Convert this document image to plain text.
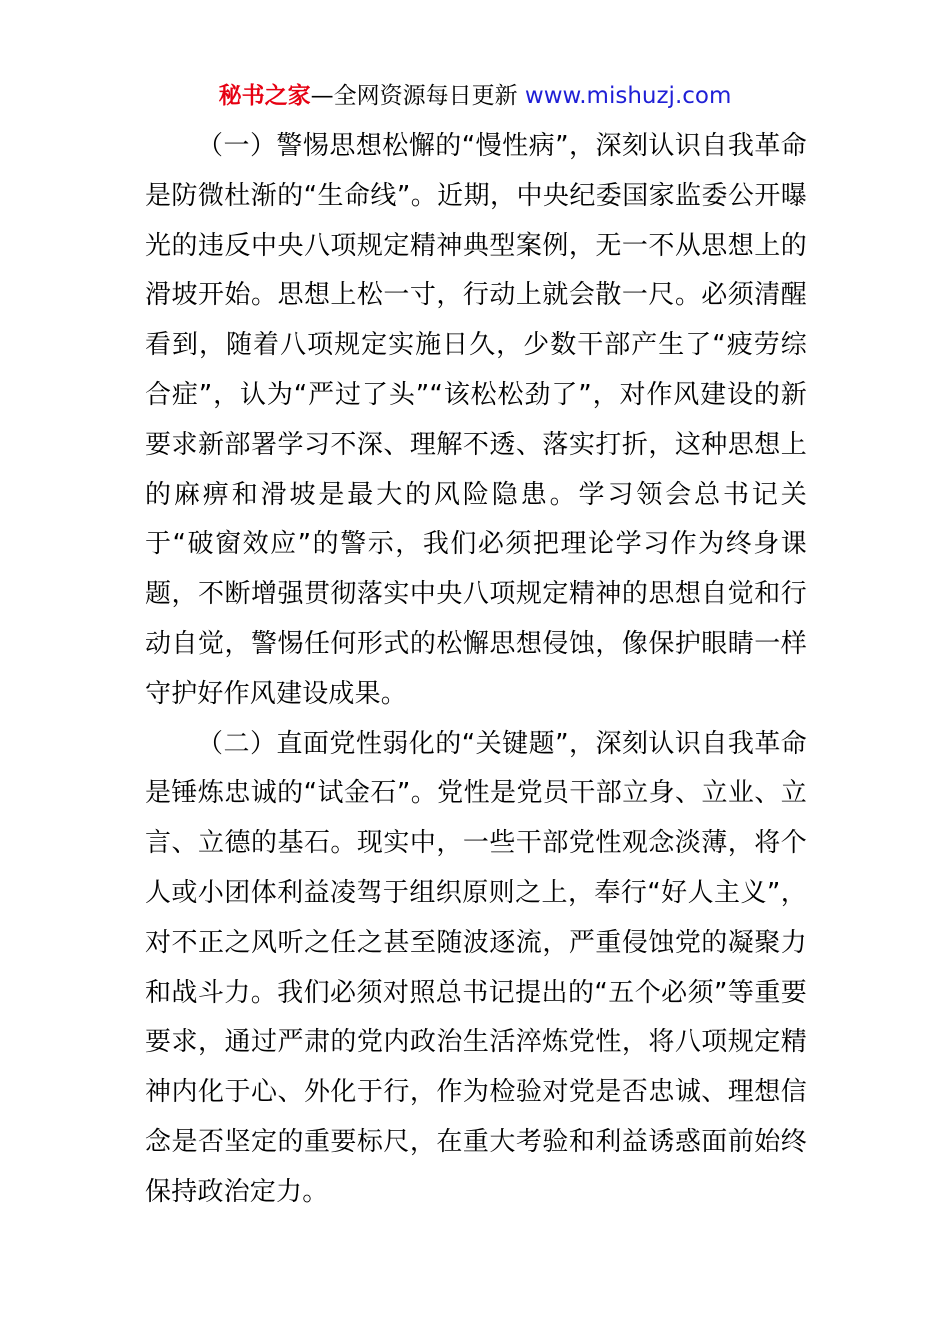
秘书之家—全网资源每日更新 www.mishuzj.com

（一）警惕思想松懈的“慢性病”，深刻认识自我革命是防微杜渐的“生命线”。近期，中央纪委国家监委公开曝光的违反中央八项规定精神典型案例，无一不从思想上的滑坡开始。思想上松一寸，行动上就会散一尺。必须清醒看到，随着八项规定实施日久，少数干部产生了“疲劳综合症”，认为“严过了头”“该松松劲了”，对作风建设的新要求新部署学习不深、理解不透、落实打折，这种思想上的麻痹和滑坡是最大的风险隐患。学习领会总书记关于“破窗效应”的警示，我们必须把理论学习作为终身课题，不断增强贯彻落实中央八项规定精神的思想自觉和行动自觉，警惕任何形式的松懈思想侵蚀，像保护眼睛一样守护好作风建设成果。

（二）直面党性弱化的“关键题”，深刻认识自我革命是锤炼忠诚的“试金石”。党性是党员干部立身、立业、立言、立德的基石。现实中，一些干部党性观念淡薄，将个人或小团体利益凌驾于组织原则之上，奉行“好人主义”，对不正之风听之任之甚至随波逐流，严重侵蚀党的凝聚力和战斗力。我们必须对照总书记提出的“五个必须”等重要要求，通过严肃的党内政治生活淬炼党性，将八项规定精神内化于心、外化于行，作为检验对党是否忠诚、理想信念是否坚定的重要标尺，在重大考验和利益诱惑面前始终保持政治定力。
